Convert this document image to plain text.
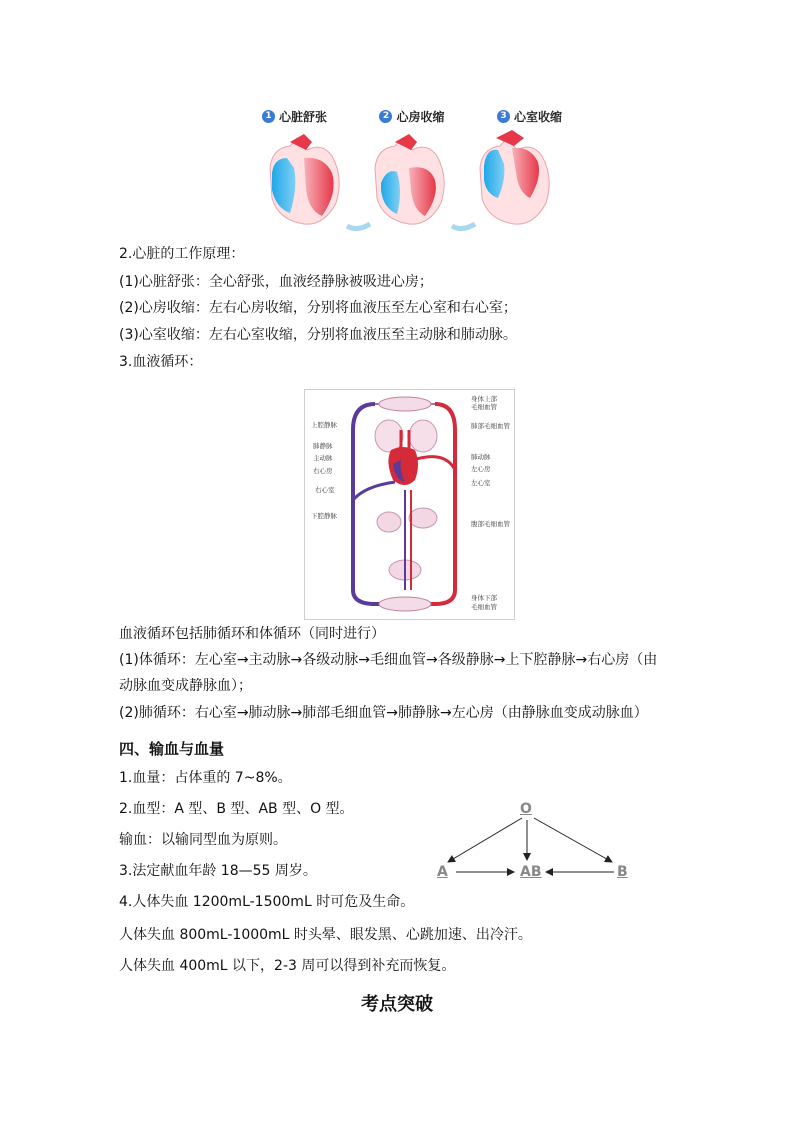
1 心脏舒张	2 心房收缩	3 心室收缩
2.心脏的工作原理：
(1)心脏舒张：全心舒张，血液经静脉被吸进心房；
(2)心房收缩：左右心房收缩，分别将血液压至左心室和右心室；
(3)心室收缩：左右心室收缩，分别将血液压至主动脉和肺动脉。
3.血液循环：
身体上部
毛细血管
肺部毛细血管
肺动脉
左心房
左心室
腹部毛细血管
身体下部
毛细血管
上腔静脉
肺静脉
主动脉
右心房
右心室
下腔静脉
血液循环包括肺循环和体循环（同时进行）
(1)体循环：左心室→主动脉→各级动脉→毛细血管→各级静脉→上下腔静脉→右心房（由
动脉血变成静脉血）；
(2)肺循环：右心室→肺动脉→肺部毛细血管→肺静脉→左心房（由静脉血变成动脉血）
四、输血与血量
1.血量：占体重的 7~8%。
2.血型：A 型、B 型、AB 型、O 型。
输血：以输同型血为原则。
3.法定献血年龄 18—55 周岁。
4.人体失血 1200mL-1500mL 时可危及生命。
人体失血 800mL-1000mL 时头晕、眼发黑、心跳加速、出冷汗。
人体失血 400mL 以下，2-3 周可以得到补充而恢复。
O
A	AB	B
考点突破
